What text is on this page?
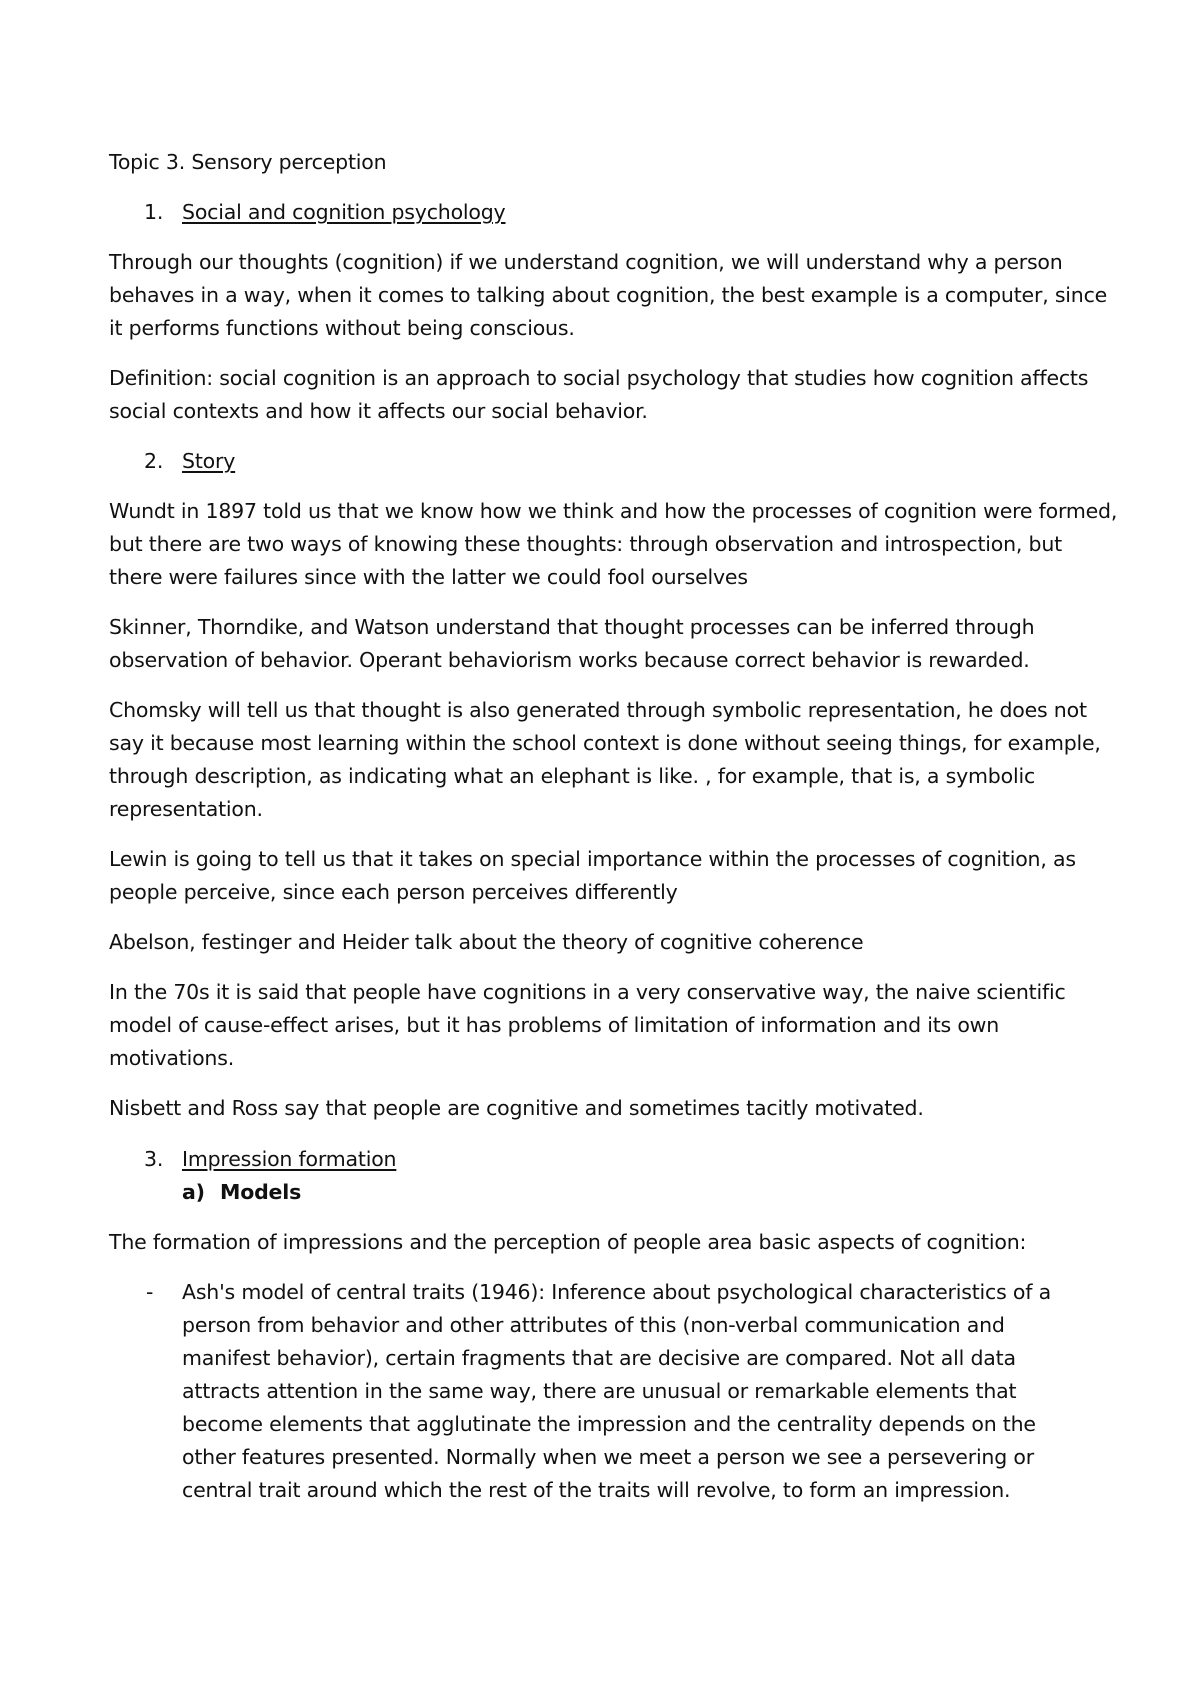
Topic 3. Sensory perception
1. Social and cognition psychology

Through our thoughts (cognition) if we understand cognition, we will understand why a person behaves in a way, when it comes to talking about cognition, the best example is a computer, since it performs functions without being conscious.

Definition: social cognition is an approach to social psychology that studies how cognition affects social contexts and how it affects our social behavior.

2. Story

Wundt in 1897 told us that we know how we think and how the processes of cognition were formed, but there are two ways of knowing these thoughts: through observation and introspection, but there were failures since with the latter we could fool ourselves

Skinner, Thorndike, and Watson understand that thought processes can be inferred through observation of behavior. Operant behaviorism works because correct behavior is rewarded.

Chomsky will tell us that thought is also generated through symbolic representation, he does not say it because most learning within the school context is done without seeing things, for example, through description, as indicating what an elephant is like. , for example, that is, a symbolic representation.

Lewin is going to tell us that it takes on special importance within the processes of cognition, as people perceive, since each person perceives differently

Abelson, festinger and Heider talk about the theory of cognitive coherence

In the 70s it is said that people have cognitions in a very conservative way, the naive scientific model of cause-effect arises, but it has problems of limitation of information and its own motivations.

Nisbett and Ross say that people are cognitive and sometimes tacitly motivated.

3. Impression formation
a) Models

The formation of impressions and the perception of people area basic aspects of cognition:

- Ash's model of central traits (1946): Inference about psychological characteristics of a person from behavior and other attributes of this (non-verbal communication and manifest behavior), certain fragments that are decisive are compared. Not all data attracts attention in the same way, there are unusual or remarkable elements that become elements that agglutinate the impression and the centrality depends on the other features presented. Normally when we meet a person we see a persevering or central trait around which the rest of the traits will revolve, to form an impression.
